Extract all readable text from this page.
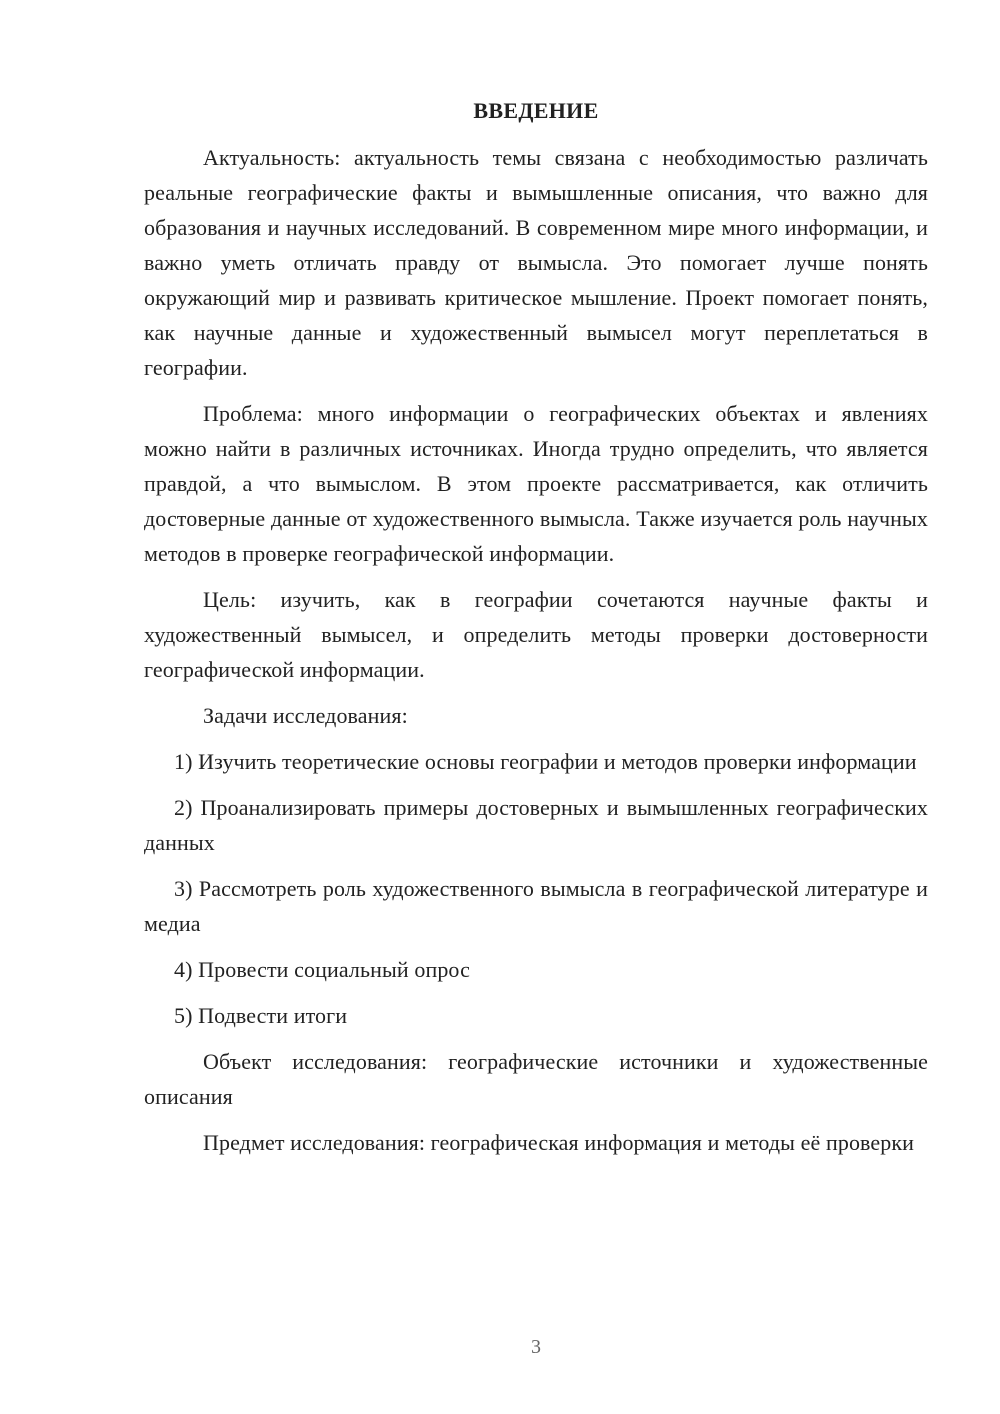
ВВЕДЕНИЕ

Актуальность: актуальность темы связана с необходимостью различать реальные географические факты и вымышленные описания, что важно для образования и научных исследований. В современном мире много информации, и важно уметь отличать правду от вымысла. Это помогает лучше понять окружающий мир и развивать критическое мышление. Проект помогает понять, как научные данные и художественный вымысел могут переплетаться в географии.

Проблема: много информации о географических объектах и явлениях можно найти в различных источниках. Иногда трудно определить, что является правдой, а что вымыслом. В этом проекте рассматривается, как отличить достоверные данные от художественного вымысла. Также изучается роль научных методов в проверке географической информации.

Цель: изучить, как в географии сочетаются научные факты и художественный вымысел, и определить методы проверки достоверности географической информации.

Задачи исследования:

1) Изучить теоретические основы географии и методов проверки информации

2) Проанализировать примеры достоверных и вымышленных географических данных

3) Рассмотреть роль художественного вымысла в географической литературе и медиа

4) Провести социальный опрос

5) Подвести итоги

Объект исследования: географические источники и художественные описания

Предмет исследования: географическая информация и методы её проверки

3
